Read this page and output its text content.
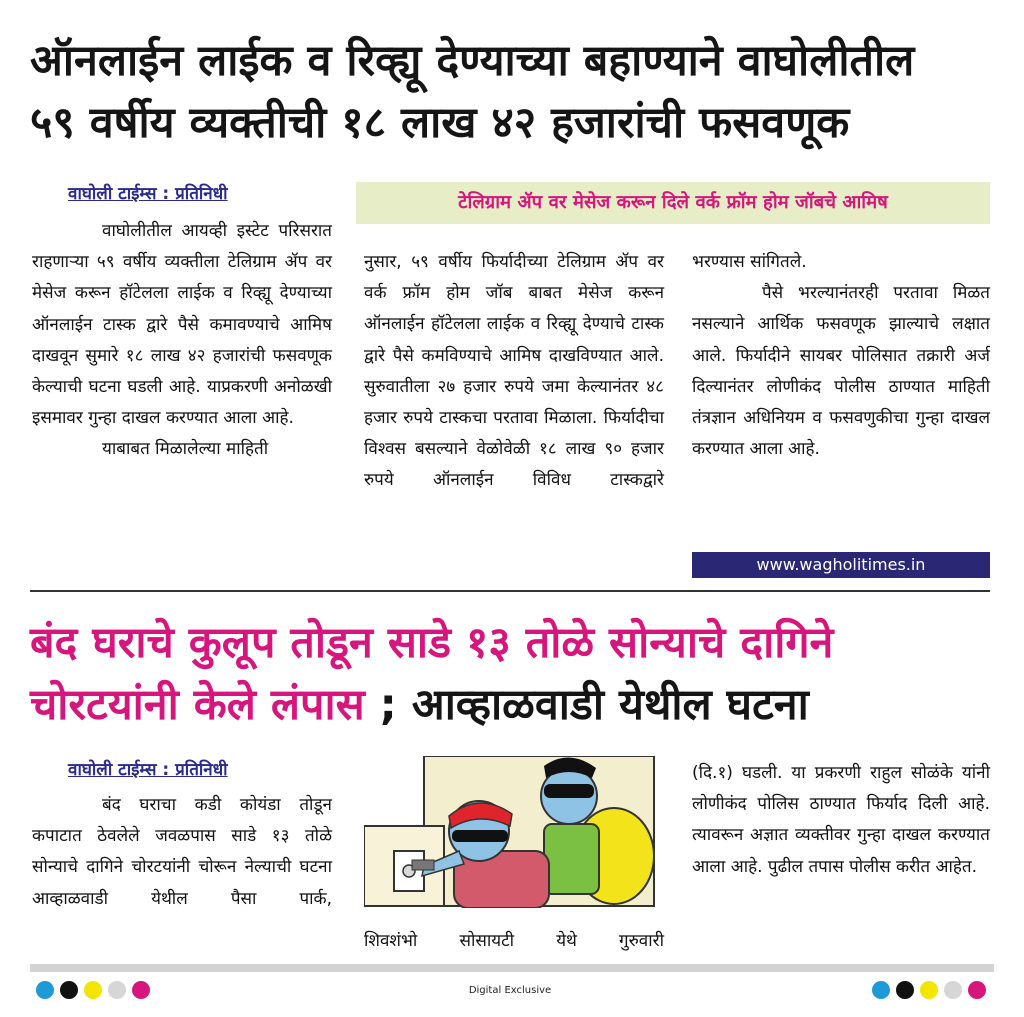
ऑनलाईन लाईक व रिव्ह्यू देण्याच्या बहाण्याने वाघोलीतील
५९ वर्षीय व्यक्तीची १८ लाख ४२ हजारांची फसवणूक
वाघोली टाईम्स : प्रतिनिधी	टेलिग्राम ॲप वर मेसेज करून दिले वर्क फ्रॉम होम जॉबचे आमिष

वाघोलीतील आयव्ही इस्टेट परिसरात राहणाऱ्या ५९ वर्षीय व्यक्तीला टेलिग्राम ॲप वर मेसेज करून हॉटेलला लाईक व रिव्ह्यू देण्याच्या ऑनलाईन टास्क द्वारे पैसे कमावण्याचे आमिष दाखवून सुमारे १८ लाख ४२ हजारांची फसवणूक केल्याची घटना घडली आहे. याप्रकरणी अनोळखी इसमावर गुन्हा दाखल करण्यात आला आहे.

याबाबत मिळालेल्या माहिती

नुसार, ५९ वर्षीय फिर्यादीच्या टेलिग्राम ॲप वर वर्क फ्रॉम होम जॉब बाबत मेसेज करून ऑनलाईन हॉटेलला लाईक व रिव्ह्यू देण्याचे टास्क द्वारे पैसे कमविण्याचे आमिष दाखविण्यात आले. सुरुवातीला २७ हजार रुपये जमा केल्यानंतर ४८ हजार रुपये टास्कचा परतावा मिळाला. फिर्यादीचा विश्वस बसल्याने वेळोवेळी १८ लाख ९० हजार रुपये ऑनलाईन विविध टास्कद्वारे

भरण्यास सांगितले.

पैसे भरल्यानंतरही परतावा मिळत नसल्याने आर्थिक फसवणूक झाल्याचे लक्षात आले. फिर्यादीने सायबर पोलिसात तक्रारी अर्ज दिल्यानंतर लोणीकंद पोलीस ठाण्यात माहिती तंत्रज्ञान अधिनियम व फसवणुकीचा गुन्हा दाखल करण्यात आला आहे.

www.wagholitimes.in
बंद घराचे कुलूप तोडून साडे १३ तोळे सोन्याचे दागिने
चोरटयांनी केले लंपास ; आव्हाळवाडी येथील घटना
वाघोली टाईम्स : प्रतिनिधी

बंद घराचा कडी कोयंडा तोडून कपाटात ठेवलेले जवळपास साडे १३ तोळे सोन्याचे दागिने चोरटयांनी चोरून नेल्याची घटना आव्हाळवाडी येथील पैसा पार्क,

शिवशंभो सोसायटी येथे गुरुवारी

(दि.१) घडली. या प्रकरणी राहुल सोळंके यांनी लोणीकंद पोलिस ठाण्यात फिर्याद दिली आहे. त्यावरून अज्ञात व्यक्तीवर गुन्हा दाखल करण्यात आला आहे. पुढील तपास पोलीस करीत आहेत.

Digital Exclusive
